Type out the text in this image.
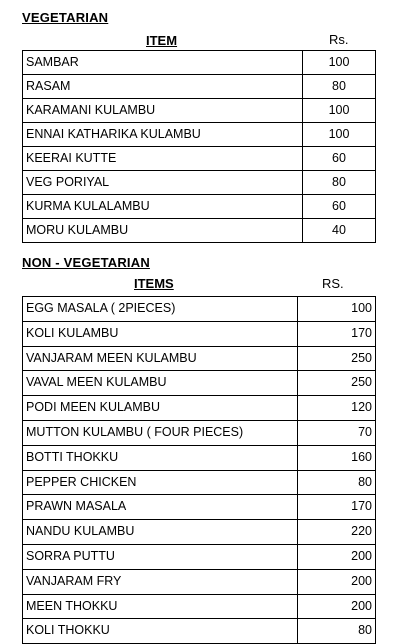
VEGETARIAN
ITEM	Rs.
SAMBAR	100
RASAM	80
KARAMANI KULAMBU	100
ENNAI KATHARIKA KULAMBU	100
KEERAI KUTTE	60
VEG PORIYAL	80
KURMA KULALAMBU	60
MORU KULAMBU	40
NON - VEGETARIAN
ITEMS	RS.
EGG MASALA ( 2PIECES)	100
KOLI KULAMBU	170
VANJARAM MEEN KULAMBU	250
VAVAL MEEN KULAMBU	250
PODI MEEN KULAMBU	120
MUTTON KULAMBU ( FOUR PIECES)	70
BOTTI THOKKU	160
PEPPER CHICKEN	80
PRAWN MASALA	170
NANDU KULAMBU	220
SORRA PUTTU	200
VANJARAM FRY	200
MEEN THOKKU	200
KOLI THOKKU	80
